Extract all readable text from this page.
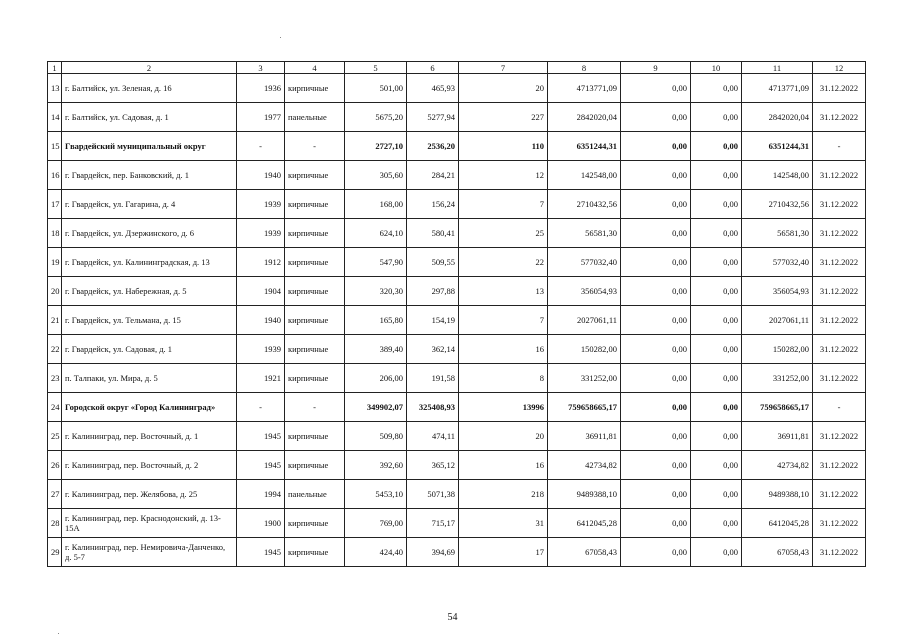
1	2	3	4	5	6	7	8	9	10	11	12
13	г. Балтийск, ул. Зеленая, д. 16	1936	кирпичные	501,00	465,93	20	4713771,09	0,00	0,00	4713771,09	31.12.2022
14	г. Балтийск, ул. Садовая, д. 1	1977	панельные	5675,20	5277,94	227	2842020,04	0,00	0,00	2842020,04	31.12.2022
15	Гвардейский муниципальный округ	-	-	2727,10	2536,20	110	6351244,31	0,00	0,00	6351244,31	-
16	г. Гвардейск, пер. Банковский, д. 1	1940	кирпичные	305,60	284,21	12	142548,00	0,00	0,00	142548,00	31.12.2022
17	г. Гвардейск, ул. Гагарина, д. 4	1939	кирпичные	168,00	156,24	7	2710432,56	0,00	0,00	2710432,56	31.12.2022
18	г. Гвардейск, ул. Дзержинского, д. 6	1939	кирпичные	624,10	580,41	25	56581,30	0,00	0,00	56581,30	31.12.2022
19	г. Гвардейск, ул. Калининградская, д. 13	1912	кирпичные	547,90	509,55	22	577032,40	0,00	0,00	577032,40	31.12.2022
20	г. Гвардейск, ул. Набережная, д. 5	1904	кирпичные	320,30	297,88	13	356054,93	0,00	0,00	356054,93	31.12.2022
21	г. Гвардейск, ул. Тельмана, д. 15	1940	кирпичные	165,80	154,19	7	2027061,11	0,00	0,00	2027061,11	31.12.2022
22	г. Гвардейск, ул. Садовая, д. 1	1939	кирпичные	389,40	362,14	16	150282,00	0,00	0,00	150282,00	31.12.2022
23	п. Талпаки, ул. Мира, д. 5	1921	кирпичные	206,00	191,58	8	331252,00	0,00	0,00	331252,00	31.12.2022
24	Городской округ «Город Калининград»	-	-	349902,07	325408,93	13996	759658665,17	0,00	0,00	759658665,17	-
25	г. Калининград, пер. Восточный, д. 1	1945	кирпичные	509,80	474,11	20	36911,81	0,00	0,00	36911,81	31.12.2022
26	г. Калининград, пер. Восточный, д. 2	1945	кирпичные	392,60	365,12	16	42734,82	0,00	0,00	42734,82	31.12.2022
27	г. Калининград, пер. Желябова, д. 25	1994	панельные	5453,10	5071,38	218	9489388,10	0,00	0,00	9489388,10	31.12.2022
28	г. Калининград, пер. Краснодонский, д. 13-15А	1900	кирпичные	769,00	715,17	31	6412045,28	0,00	0,00	6412045,28	31.12.2022
29	г. Калининград, пер. Немировича-Данченко, д. 5-7	1945	кирпичные	424,40	394,69	17	67058,43	0,00	0,00	67058,43	31.12.2022
54
